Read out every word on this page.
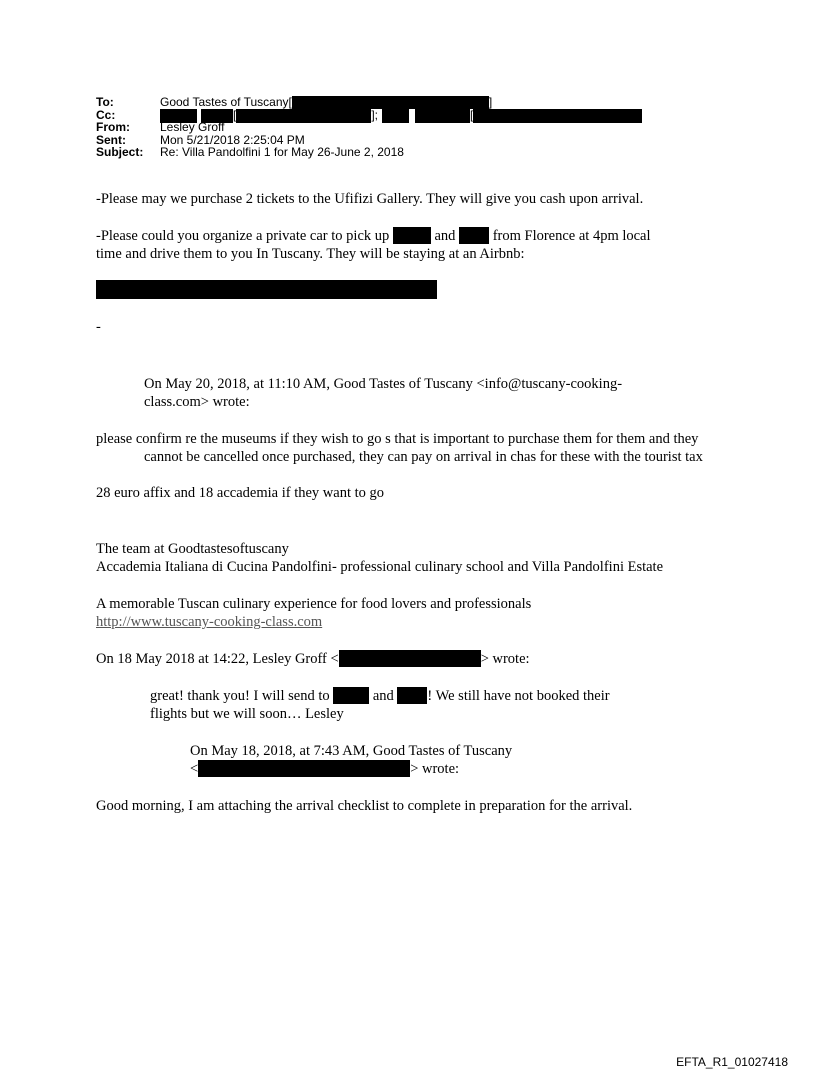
To:	Good Tastes of Tuscany[	]
Cc:	[	];	[
From:	Lesley Groff
Sent:	Mon 5/21/2018 2:25:04 PM
Subject: Re: Villa Pandolfini 1 for May 26-June 2, 2018
-Please may we purchase 2 tickets to the Ufifizi Gallery. They will give you cash upon arrival.
-Please could you organize a private car to pick up	and  from Florence at 4pm local
time and drive them to you In Tuscany. They will be staying at an Airbnb:
-
On May 20, 2018, at 11:10 AM, Good Tastes of Tuscany <info@tuscany-cooking-
class.com> wrote:
please confirm re the museums if they wish to go s that is important to purchase them for them and they cannot be cancelled once purchased, they can pay on arrival in chas for these with the tourist tax
28 euro affix and 18 accademia if they want to go
The team at Goodtastesoftuscany
Accademia Italiana di Cucina Pandolfini- professional culinary school and Villa Pandolfini Estate
A memorable Tuscan culinary experience for food lovers and professionals
http://www.tuscany-cooking-class.com
On 18 May 2018 at 14:22, Lesley Groff <	> wrote:
great! thank you! I will send to  and ! We still have not booked their
flights but we will soon… Lesley
On May 18, 2018, at 7:43 AM, Good Tastes of Tuscany
<	> wrote:
Good morning, I am attaching the arrival checklist to complete in preparation for the arrival.
EFTA_R1_01027418
